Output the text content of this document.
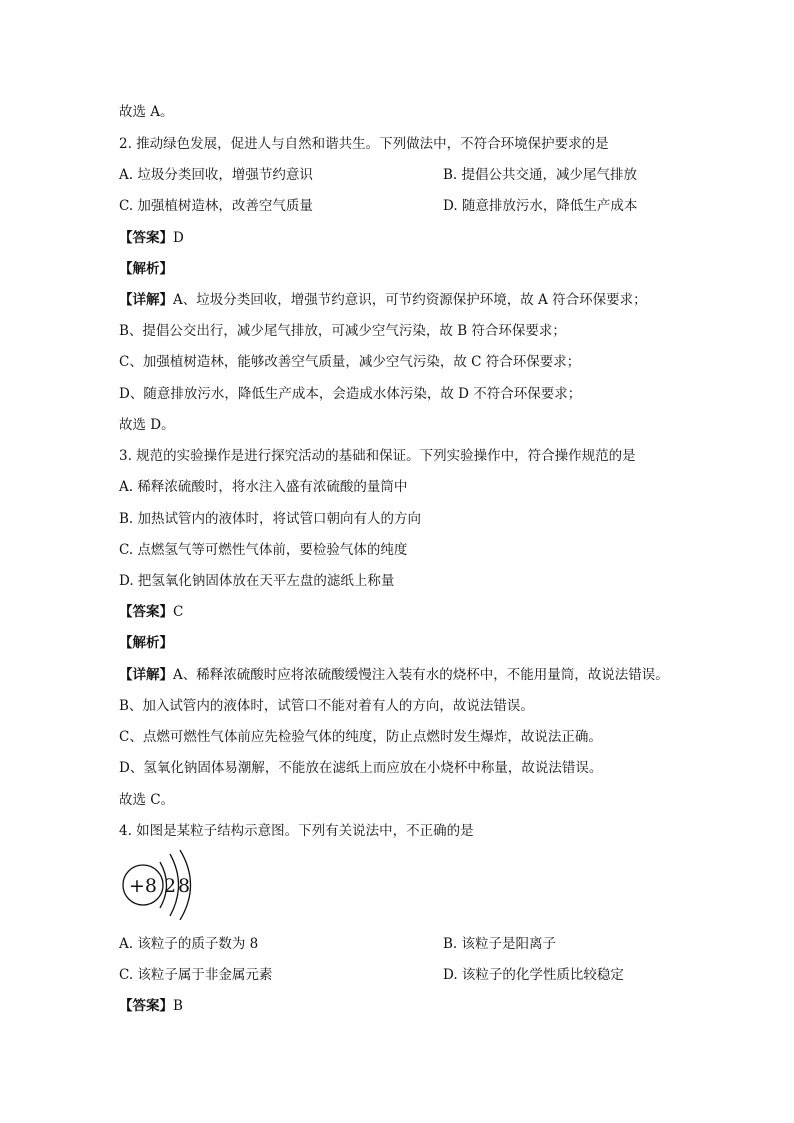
故选 A。
2. 推动绿色发展，促进人与自然和谐共生。下列做法中，不符合环境保护要求的是
A. 垃圾分类回收，增强节约意识	B. 提倡公共交通，减少尾气排放
C. 加强植树造林，改善空气质量	D. 随意排放污水，降低生产成本
【答案】D
【解析】
【详解】A、垃圾分类回收，增强节约意识，可节约资源保护环境，故 A 符合环保要求；
B、提倡公交出行，减少尾气排放，可减少空气污染，故 B 符合环保要求；
C、加强植树造林，能够改善空气质量，减少空气污染，故 C 符合环保要求；
D、随意排放污水，降低生产成本，会造成水体污染，故 D 不符合环保要求；
故选 D。
3. 规范的实验操作是进行探究活动的基础和保证。下列实验操作中，符合操作规范的是
A. 稀释浓硫酸时，将水注入盛有浓硫酸的量筒中
B. 加热试管内的液体时，将试管口朝向有人的方向
C. 点燃氢气等可燃性气体前，要检验气体的纯度
D. 把氢氧化钠固体放在天平左盘的滤纸上称量
【答案】C
【解析】
【详解】A、稀释浓硫酸时应将浓硫酸缓慢注入装有水的烧杯中，不能用量筒，故说法错误。
B、加入试管内的液体时，试管口不能对着有人的方向，故说法错误。
C、点燃可燃性气体前应先检验气体的纯度，防止点燃时发生爆炸，故说法正确。
D、氢氧化钠固体易潮解，不能放在滤纸上而应放在小烧杯中称量，故说法错误。
故选 C。
4. 如图是某粒子结构示意图。下列有关说法中，不正确的是
+8 2 8
A. 该粒子的质子数为 8	B. 该粒子是阳离子
C. 该粒子属于非金属元素	D. 该粒子的化学性质比较稳定
【答案】B
